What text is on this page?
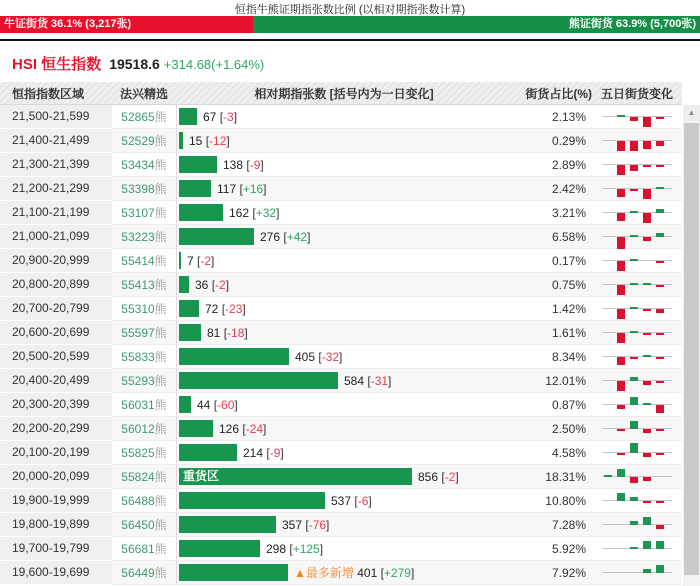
恒指牛熊证期指张数比例 (以相对期指张数计算)
牛证街货 36.1% (3,217张)	熊证街货 63.9% (5,700张)
HSI 恒生指数 19518.6 +314.68(+1.64%)
恒指指数区域	法兴精选	相对期指张数 [括号内为一日变化]	街货占比(%) 五日街货变化
21,500-21,599	52865熊	67 [-3]	2.13%
21,400-21,499	52529熊	15 [-12]	0.29%
21,300-21,399	53434熊	138 [-9]	2.89%
21,200-21,299	53398熊	117 [+16]	2.42%
21,100-21,199	53107熊	162 [+32]	3.21%
21,000-21,099	53223熊	276 [+42]	6.58%
20,900-20,999	55414熊	7 [-2]	0.17%
20,800-20,899	55413熊	36 [-2]	0.75%
20,700-20,799	55310熊	72 [-23]	1.42%
20,600-20,699	55597熊	81 [-18]	1.61%
20,500-20,599	55833熊	405 [-32]	8.34%
20,400-20,499	55293熊	584 [-31]	12.01%
20,300-20,399	56031熊	44 [-60]	0.87%
20,200-20,299	56012熊	126 [-24]	2.50%
20,100-20,199	55825熊	214 [-9]	4.58%
20,000-20,099	55824熊	重货区	856 [-2]	18.31%
19,900-19,999	56488熊	537 [-6]	10.80%
19,800-19,899	56450熊	357 [-76]	7.28%
19,700-19,799	56681熊	298 [+125]	5.92%
19,600-19,699	56449熊	▲最多新增 401 [+279]	7.92%
▲
